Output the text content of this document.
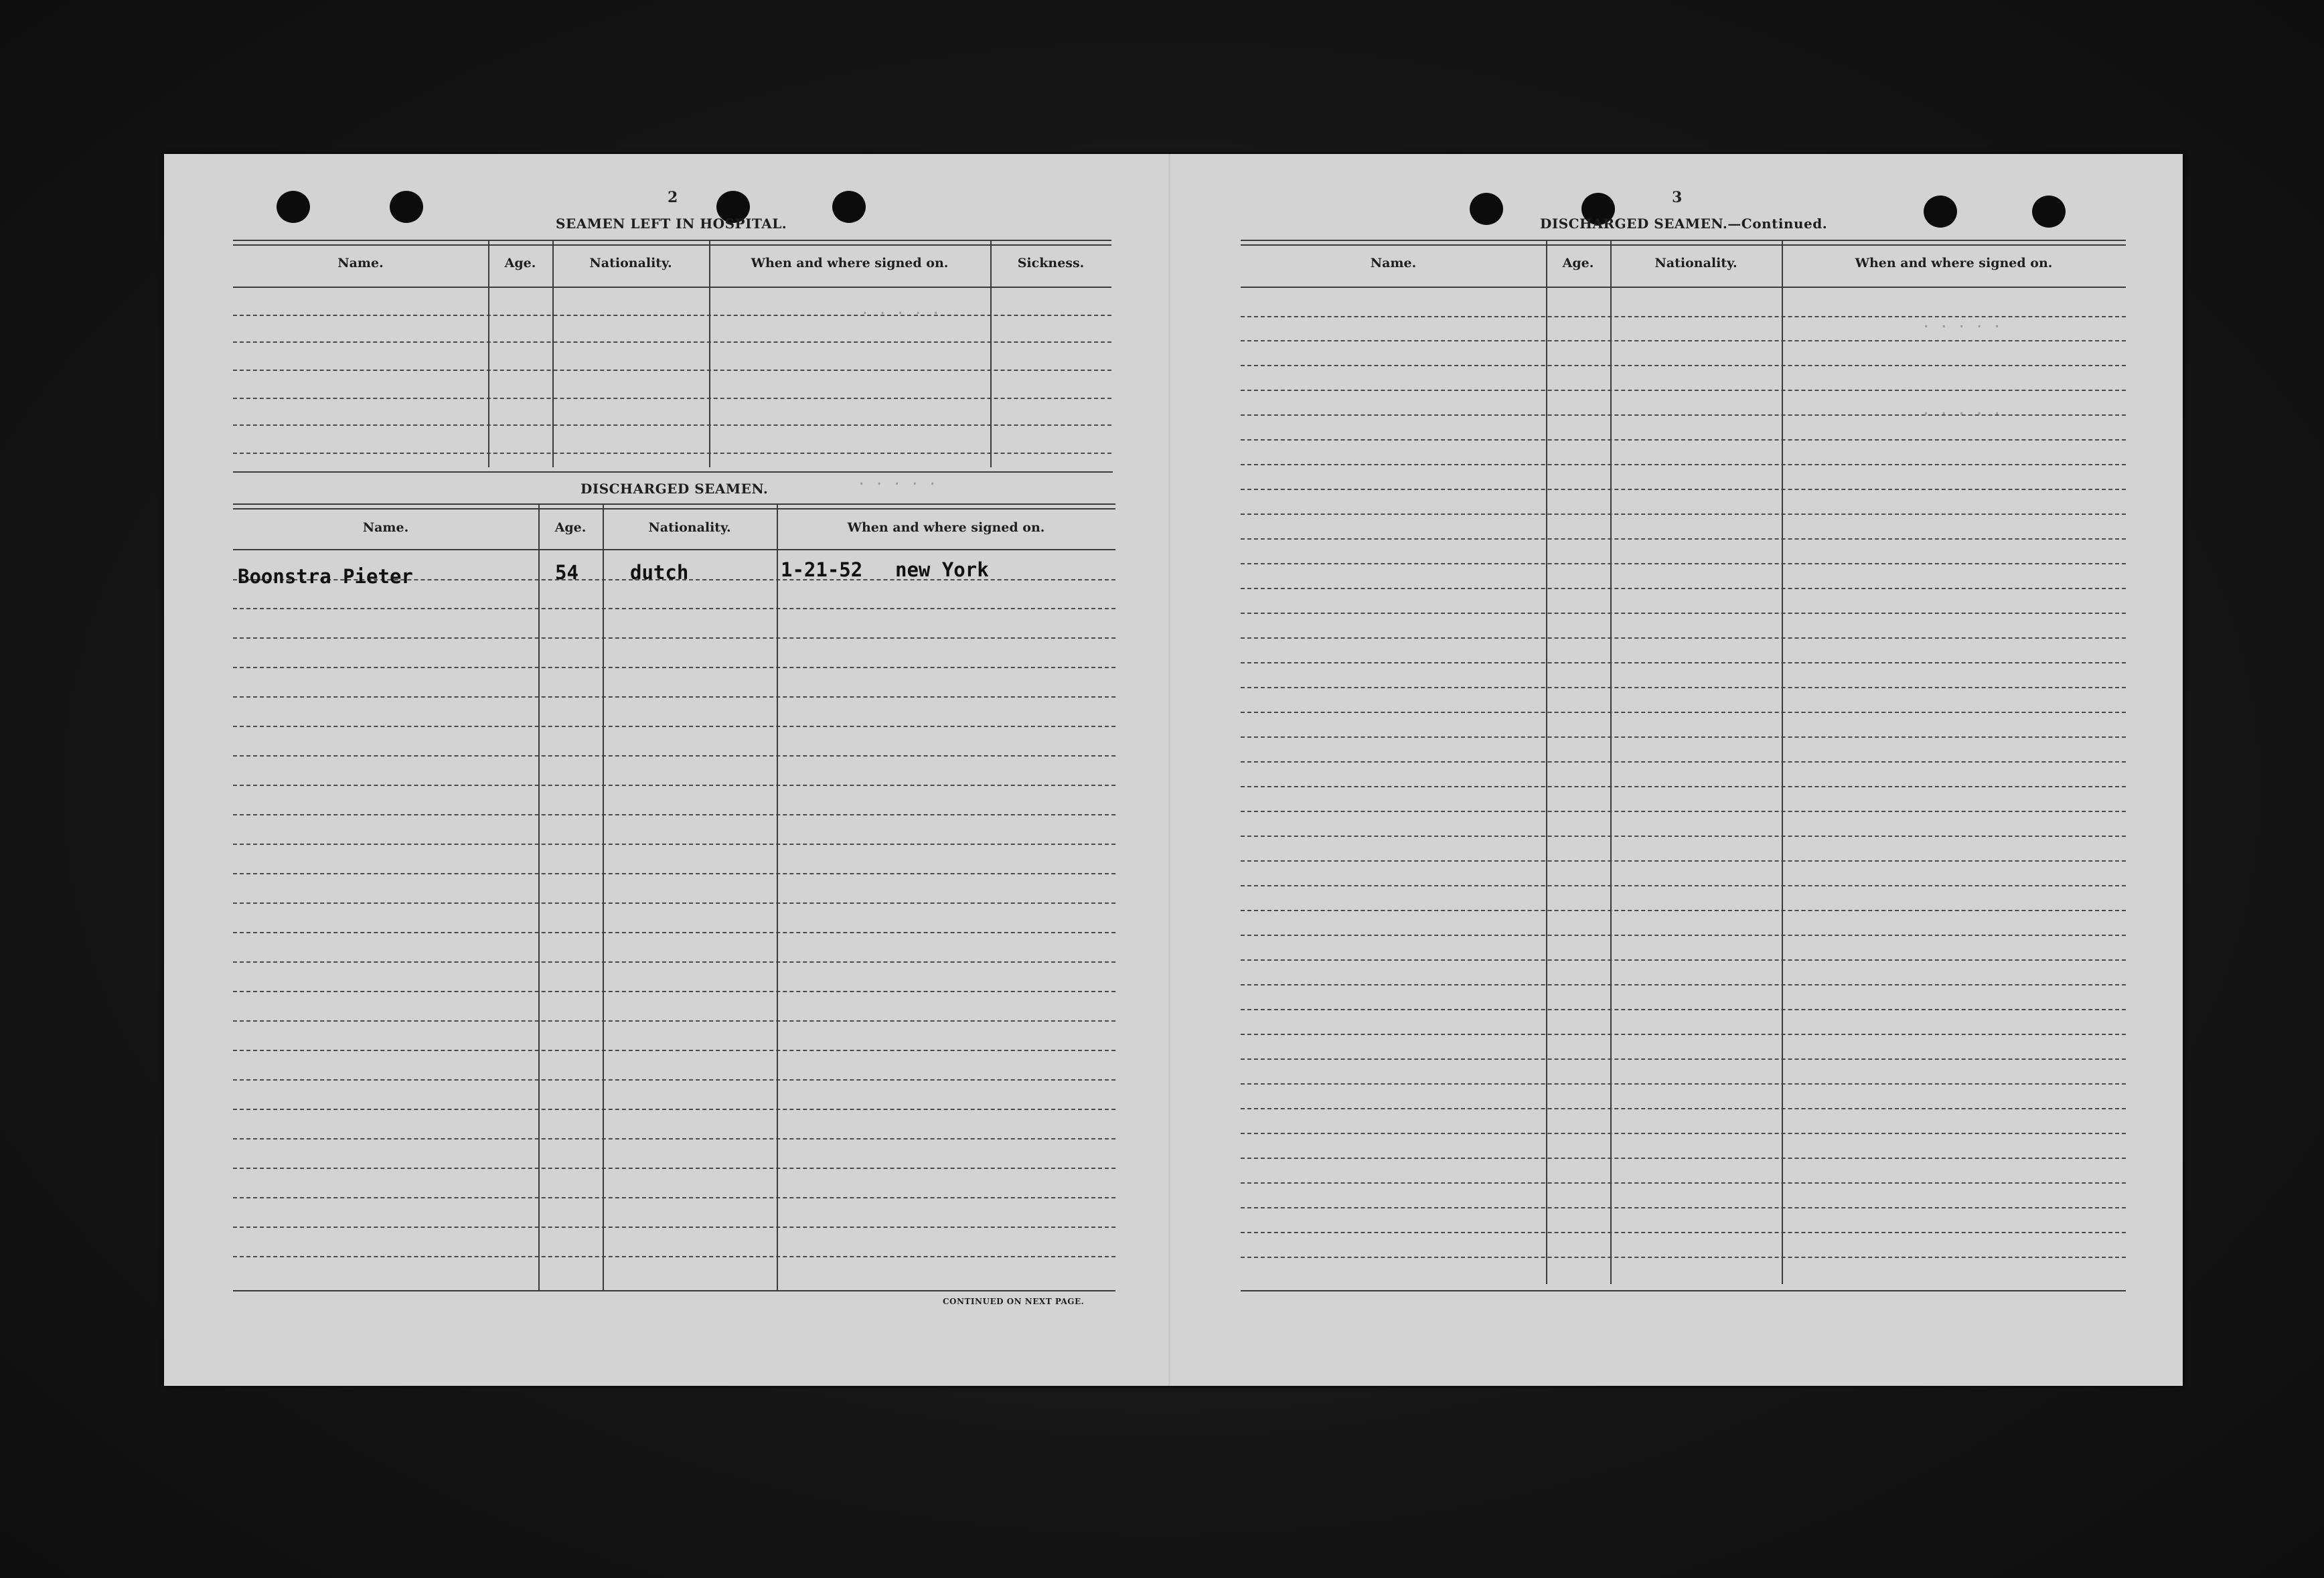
. . . . .
. . . . .
. . . . .
. . . . .
2
SEAMEN LEFT IN HOSPITAL.
Name.	Age.	Nationality.	When and where signed on.	Sickness.
DISCHARGED SEAMEN.
Name.	Age.	Nationality.	When and where signed on.
Boonstra Pieter	54	dutch	1-21-52 new York
CONTINUED ON NEXT PAGE.
3
DISCHARGED SEAMEN.—Continued.
Name.	Age.	Nationality.	When and where signed on.
